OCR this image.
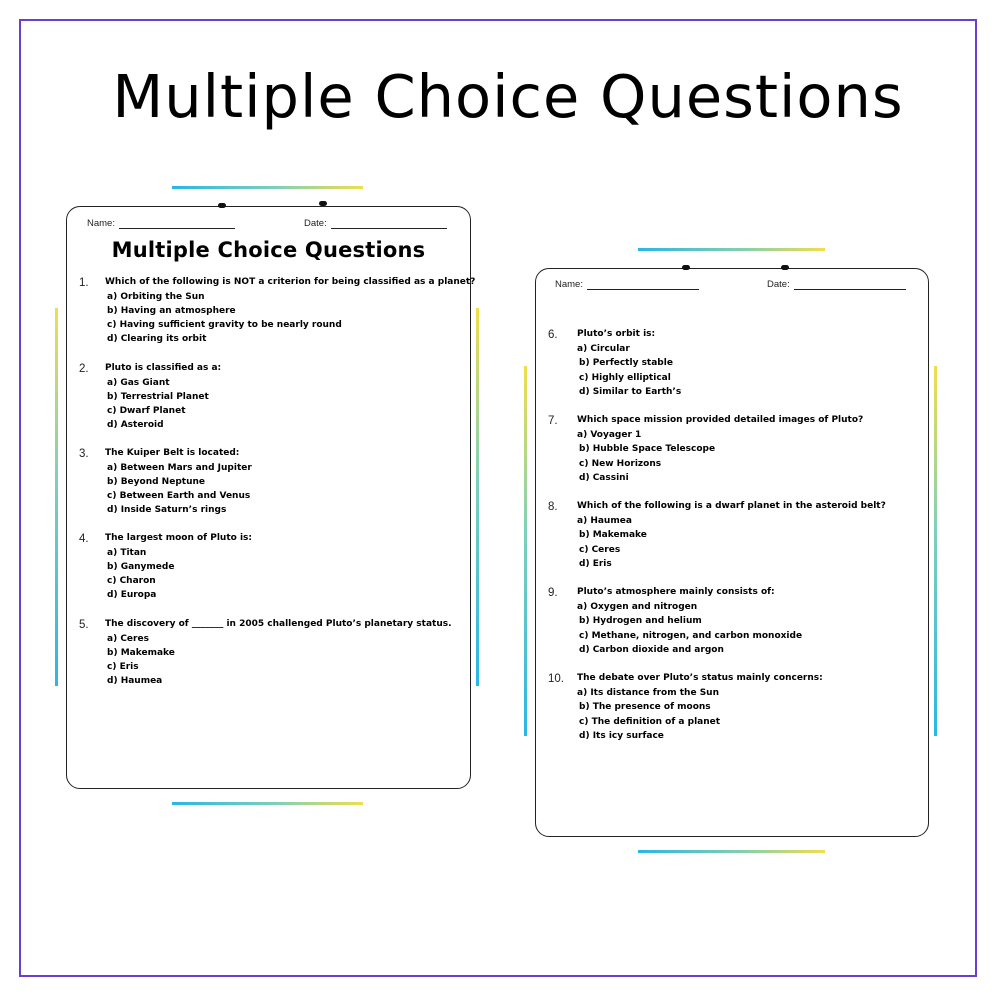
Multiple Choice Questions
Name:	Date:
Multiple Choice Questions
1. Which of the following is NOT a criterion for being classified as a planet?
a) Orbiting the Sun
b) Having an atmosphere
c) Having sufficient gravity to be nearly round
d) Clearing its orbit
2. Pluto is classified as a:
a) Gas Giant
b) Terrestrial Planet
c) Dwarf Planet
d) Asteroid
3. The Kuiper Belt is located:
a) Between Mars and Jupiter
b) Beyond Neptune
c) Between Earth and Venus
d) Inside Saturn’s rings
4. The largest moon of Pluto is:
a) Titan
b) Ganymede
c) Charon
d) Europa
5. The discovery of _______ in 2005 challenged Pluto’s planetary status.
a) Ceres
b) Makemake
c) Eris
d) Haumea
Name:	Date:
6. Pluto’s orbit is:
a) Circular
b) Perfectly stable
c) Highly elliptical
d) Similar to Earth’s
7. Which space mission provided detailed images of Pluto?
a) Voyager 1
b) Hubble Space Telescope
c) New Horizons
d) Cassini
8. Which of the following is a dwarf planet in the asteroid belt?
a) Haumea
b) Makemake
c) Ceres
d) Eris
9. Pluto’s atmosphere mainly consists of:
a) Oxygen and nitrogen
b) Hydrogen and helium
c) Methane, nitrogen, and carbon monoxide
d) Carbon dioxide and argon
10. The debate over Pluto’s status mainly concerns:
a) Its distance from the Sun
b) The presence of moons
c) The definition of a planet
d) Its icy surface
